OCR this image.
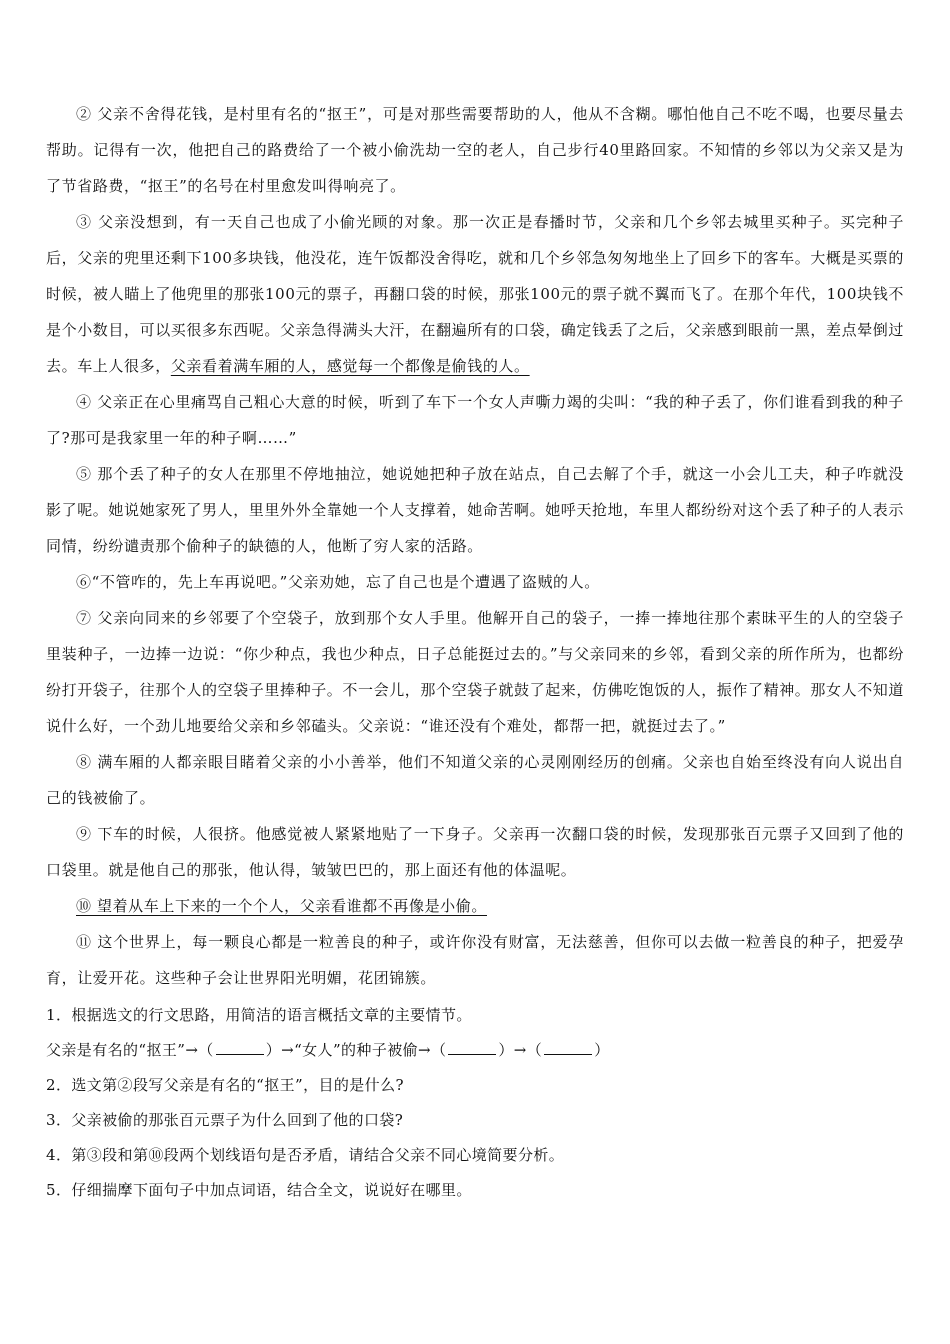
② 父亲不舍得花钱，是村里有名的“抠王”，可是对那些需要帮助的人，他从不含糊。哪怕他自己不吃不喝，也要尽量去帮助。记得有一次，他把自己的路费给了一个被小偷洗劫一空的老人，自己步行40里路回家。不知情的乡邻以为父亲又是为了节省路费，“抠王”的名号在村里愈发叫得响亮了。

③ 父亲没想到，有一天自己也成了小偷光顾的对象。那一次正是春播时节，父亲和几个乡邻去城里买种子。买完种子后，父亲的兜里还剩下100多块钱，他没花，连午饭都没舍得吃，就和几个乡邻急匆匆地坐上了回乡下的客车。大概是买票的时候，被人瞄上了他兜里的那张100元的票子，再翻口袋的时候，那张100元的票子就不翼而飞了。在那个年代，100块钱不是个小数目，可以买很多东西呢。父亲急得满头大汗，在翻遍所有的口袋，确定钱丢了之后，父亲感到眼前一黑，差点晕倒过去。车上人很多，父亲看着满车厢的人，感觉每一个都像是偷钱的人。

④ 父亲正在心里痛骂自己粗心大意的时候，听到了车下一个女人声嘶力竭的尖叫：“我的种子丢了，你们谁看到我的种子了?那可是我家里一年的种子啊……”

⑤ 那个丢了种子的女人在那里不停地抽泣，她说她把种子放在站点，自己去解了个手，就这一小会儿工夫，种子咋就没影了呢。她说她家死了男人，里里外外全靠她一个人支撑着，她命苦啊。她呼天抢地，车里人都纷纷对这个丢了种子的人表示同情，纷纷谴责那个偷种子的缺德的人，他断了穷人家的活路。

⑥“不管咋的，先上车再说吧。”父亲劝她，忘了自己也是个遭遇了盗贼的人。

⑦ 父亲向同来的乡邻要了个空袋子，放到那个女人手里。他解开自己的袋子，一捧一捧地往那个素昧平生的人的空袋子里装种子，一边捧一边说：“你少种点，我也少种点，日子总能挺过去的。”与父亲同来的乡邻，看到父亲的所作所为，也都纷纷打开袋子，往那个人的空袋子里捧种子。不一会儿，那个空袋子就鼓了起来，仿佛吃饱饭的人，振作了精神。那女人不知道说什么好，一个劲儿地要给父亲和乡邻磕头。父亲说：“谁还没有个难处，都帮一把，就挺过去了。”

⑧ 满车厢的人都亲眼目睹着父亲的小小善举，他们不知道父亲的心灵刚刚经历的创痛。父亲也自始至终没有向人说出自己的钱被偷了。

⑨ 下车的时候，人很挤。他感觉被人紧紧地贴了一下身子。父亲再一次翻口袋的时候，发现那张百元票子又回到了他的口袋里。就是他自己的那张，他认得，皱皱巴巴的，那上面还有他的体温呢。

⑩ 望着从车上下来的一个个人，父亲看谁都不再像是小偷。

⑪ 这个世界上，每一颗良心都是一粒善良的种子，或许你没有财富，无法慈善，但你可以去做一粒善良的种子，把爱孕育，让爱开花。这些种子会让世界阳光明媚，花团锦簇。

1．根据选文的行文思路，用简洁的语言概括文章的主要情节。

父亲是有名的“抠王”→（	）→“女人”的种子被偷→（	）→（	）

2．选文第②段写父亲是有名的“抠王”，目的是什么?

3．父亲被偷的那张百元票子为什么回到了他的口袋?

4．第③段和第⑩段两个划线语句是否矛盾，请结合父亲不同心境简要分析。

5．仔细揣摩下面句子中加点词语，结合全文，说说好在哪里。
